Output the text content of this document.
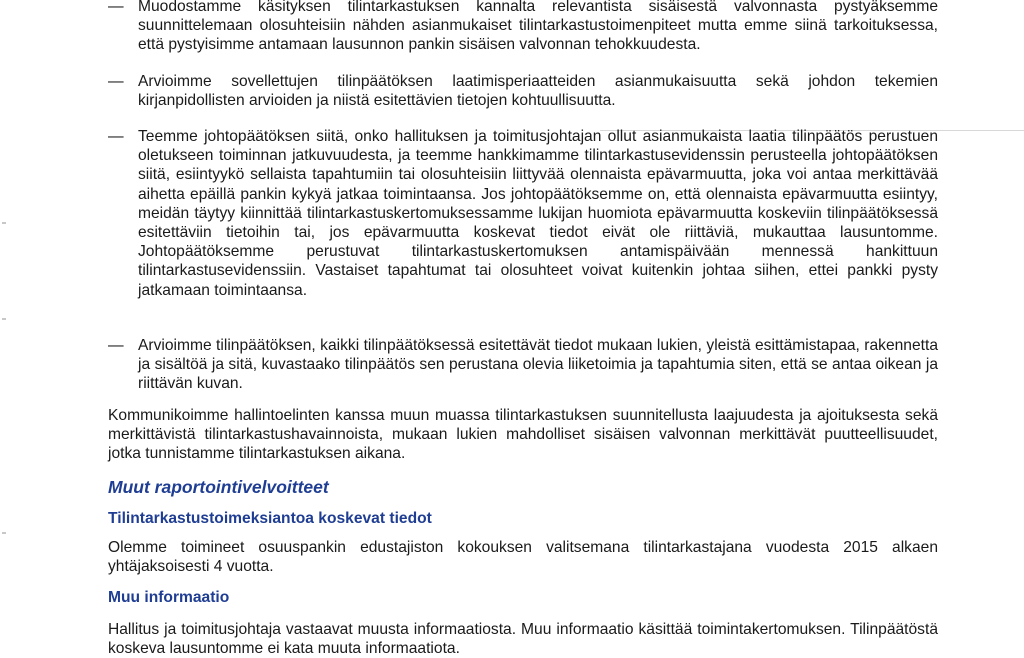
— Muodostamme käsityksen tilintarkastuksen kannalta relevantista sisäisestä valvonnasta pystyäksemme suunnittelemaan olosuhteisiin nähden asianmukaiset tilintarkastustoimenpiteet mutta emme siinä tarkoituksessa, että pystyisimme antamaan lausunnon pankin sisäisen valvonnan tehokkuudesta.
— Arvioimme sovellettujen tilinpäätöksen laatimisperiaatteiden asianmukaisuutta sekä johdon tekemien kirjanpidollisten arvioiden ja niistä esitettävien tietojen kohtuullisuutta.
— Teemme johtopäätöksen siitä, onko hallituksen ja toimitusjohtajan ollut asianmukaista laatia tilinpäätös perustuen oletukseen toiminnan jatkuvuudesta, ja teemme hankkimamme tilintarkastusevidenssin perusteella johtopäätöksen siitä, esiintyykö sellaista tapahtumiin tai olosuhteisiin liittyvää olennaista epävarmuutta, joka voi antaa merkittävää aihetta epäillä pankin kykyä jatkaa toimintaansa. Jos johtopäätöksemme on, että olennaista epävarmuutta esiintyy, meidän täytyy kiinnittää tilintarkastuskertomuksessamme lukijan huomiota epävarmuutta koskeviin tilinpäätöksessä esitettäviin tietoihin tai, jos epävarmuutta koskevat tiedot eivät ole riittäviä, mukauttaa lausuntomme. Johtopäätöksemme perustuvat tilintarkastuskertomuksen antamispäivään mennessä hankittuun tilintarkastusevidenssiin. Vastaiset tapahtumat tai olosuhteet voivat kuitenkin johtaa siihen, ettei pankki pysty jatkamaan toimintaansa.
— Arvioimme tilinpäätöksen, kaikki tilinpäätöksessä esitettävät tiedot mukaan lukien, yleistä esittämistapaa, rakennetta ja sisältöä ja sitä, kuvastaako tilinpäätös sen perustana olevia liiketoimia ja tapahtumia siten, että se antaa oikean ja riittävän kuvan.
Kommunikoimme hallintoelinten kanssa muun muassa tilintarkastuksen suunnitellusta laajuudesta ja ajoituksesta sekä merkittävistä tilintarkastushavainnoista, mukaan lukien mahdolliset sisäisen valvonnan merkittävät puutteellisuudet, jotka tunnistamme tilintarkastuksen aikana.
Muut raportointivelvoitteet
Tilintarkastustoimeksiantoa koskevat tiedot
Olemme toimineet osuuspankin edustajiston kokouksen valitsemana tilintarkastajana vuodesta 2015 alkaen yhtäjaksoisesti 4 vuotta.
Muu informaatio
Hallitus ja toimitusjohtaja vastaavat muusta informaatiosta. Muu informaatio käsittää toimintakertomuksen. Tilinpäätöstä koskeva lausuntomme ei kata muuta informaatiota.
